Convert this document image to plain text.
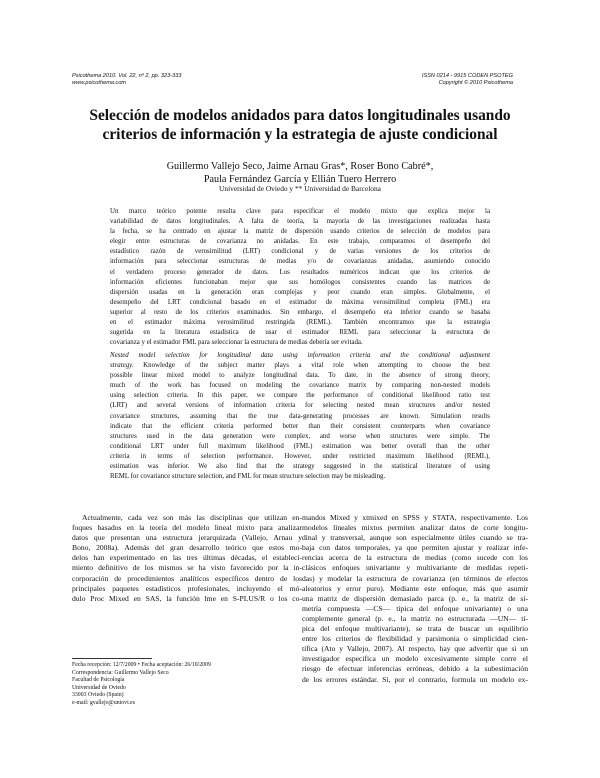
Psicothema 2010. Vol. 22, nº 2, pp. 323-333
www.psicothema.com
ISSN 0214 - 9915 CODEN PSOTEG
Copyright © 2010 Psicothema
Selección de modelos anidados para datos longitudinales usando
criterios de información y la estrategia de ajuste condicional
Guillermo Vallejo Seco, Jaime Arnau Gras*, Roser Bono Cabré*,
Paula Fernández García y Ellián Tuero Herrero
Universidad de Oviedo y ** Universidad de Barcelona
Un marco teórico potente resulta clave para especificar el modelo mixto que explica mejor la
variabilidad de datos longitudinales. A falta de teoría, la mayoría de las investigaciones realizadas hasta
la fecha, se ha centrado en ajustar la matriz de dispersión usando criterios de selección de modelos para
elegir entre estructuras de covarianza no anidadas. En este trabajo, comparamos el desempeño del
estadístico razón de verosimilitud (LRT) condicional y de varias versiones de los criterios de
información para seleccionar estructuras de medias y/o de covarianzas anidadas, asumiendo conocido
el verdadero proceso generador de datos. Los resultados numéricos indican que los criterios de
información eficientes funcionaban mejor que sus homólogos consistentes cuando las matrices de
dispersión usadas en la generación eran complejas y peor cuando eran simples. Globalmente, el
desempeño del LRT condicional basado en el estimador de máxima verosimilitud completa (FML) era
superior al resto de los criterios examinados. Sin embargo, el desempeño era inferior cuando se basaba
en el estimador máxima verosimilitud restringida (REML). También encontramos que la estrategia
sugerida en la literatura estadística de usar el estimador REML para seleccionar la estructura de
covarianza y el estimador FML para seleccionar la estructura de medias debería ser evitada.
Nested model selection for longitudinal data using information criteria and the conditional adjustment
strategy. Knowledge of the subject matter plays a vital role when attempting to choose the best
possible linear mixed model to analyze longitudinal data. To date, in the absence of strong theory,
much of the work has focused on modeling the covariance matrix by comparing non-nested models
using selection criteria. In this paper, we compare the performance of conditional likelihood ratio test
(LRT) and several versions of information criteria for selecting nested mean structures and/or nested
covariance structures, assuming that the true data-generating processes are known. Simulation results
indicate that the efficient criteria performed better than their consistent counterparts when covariance
structures used in the data generation were complex, and worse when structures were simple. The
conditional LRT under full maximum likelihood (FML) estimation was better overall than the other
criteria in terms of selection performance. However, under restricted maximum likelihood (REML),
estimation was inferior. We also find that the strategy suggested in the statistical literature of using
REML for covariance structure selection, and FML for mean structure selection may be misleading.
Actualmente, cada vez son más las disciplinas que utilizan en-
foques basados en la teoría del modelo lineal mixto para analizar
datos que presentan una estructura jerarquizada (Vallejo, Arnau y
Bono, 2008a). Además del gran desarrollo teórico que estos mo-
delos han experimentado en las tres últimas décadas, el estableci-
miento definitivo de los mismos se ha visto favorecido por la in-
corporación de procedimientos analíticos específicos dentro de los
principales paquetes estadísticos profesionales, incluyendo el mó-
dulo Proc Mixed en SAS, la función lme en S-PLUS/R o los co-
mandos Mixed y xtmixed en SPSS y STATA, respectivamente. Los
modelos lineales mixtos permiten analizar datos de corte longitu-
dinal y transversal, aunque son especialmente útiles cuando se tra-
baja con datos temporales, ya que permiten ajustar y realizar infe-
rencias acerca de la estructura de medias (como sucede con los
clásicos enfoques univariante y multivariante de medidas repeti-
das) y modelar la estructura de covarianza (en términos de efectos
aleatorios y error puro). Mediante este enfoque, más que asumir
una matriz de dispersión demasiado parca (p. e., la matriz de si-
metría compuesta —CS— típica del enfoque univariante) o una
complemente general (p. e., la matriz no estructurada —UN— tí-
pica del enfoque multivariante), se trata de buscar un equilibrio
entre los criterios de flexibilidad y parsimonia o simplicidad cien-
tífica (Ato y Vallejo, 2007). Al respecto, hay que advertir que si un
investigador especifica un modelo excesivamente simple corre el
riesgo de efectuar inferencias erróneas, debido a la subestimación
de los errores estándar. Si, por el contrario, formula un modelo ex-
Fecha recepción: 12/7/2009 • Fecha aceptación: 26/10/2009
Correspondencia: Guillermo Vallejo Seco
Facultad de Psicología
Universidad de Oviedo
33003 Oviedo (Spain)
e-mail: gvallejo@uniovi.es
